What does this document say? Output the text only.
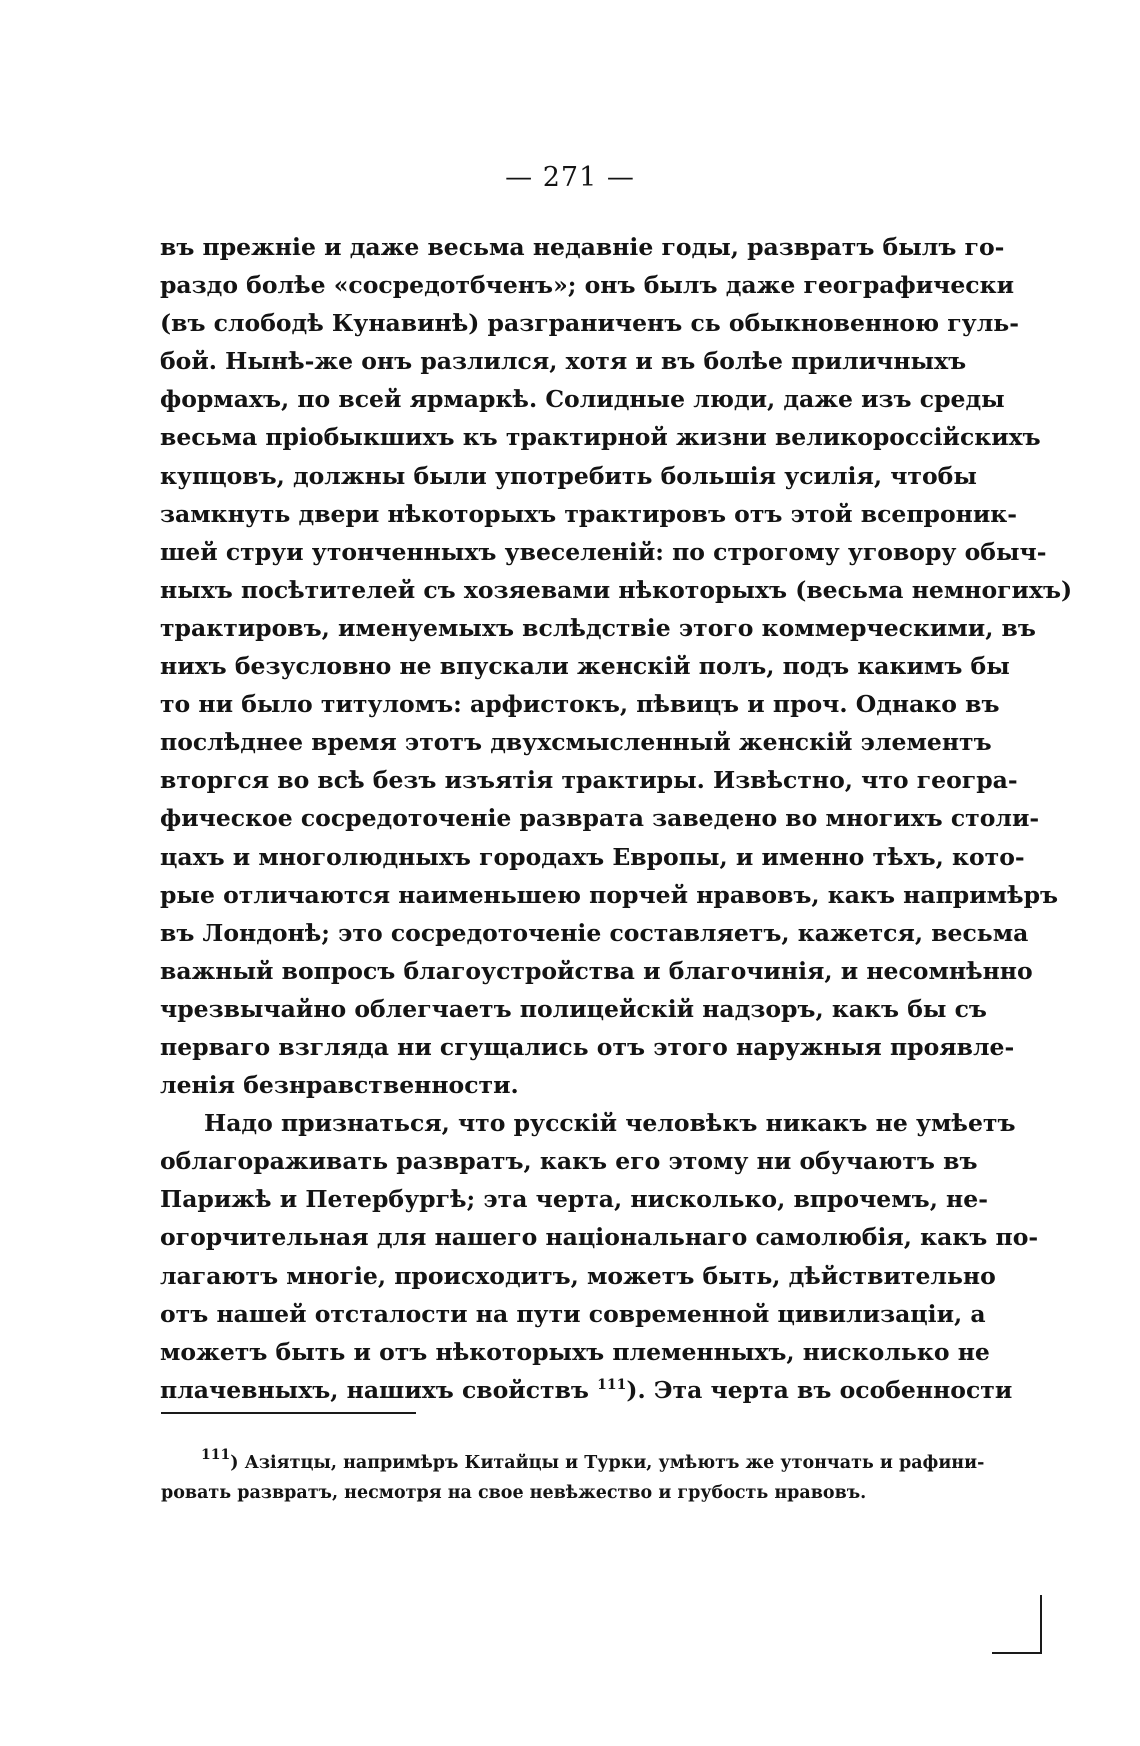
— 271 —
въ прежніе и даже весьма недавніе годы, развратъ былъ го-
раздо болѣе «сосредотбченъ»; онъ былъ даже географически
(въ слободѣ Кунавинѣ) разграниченъ сь обыкновенною гуль-
бой. Нынѣ-же онъ разлился, хотя и въ болѣе приличныхъ
формахъ, по всей ярмаркѣ. Солидные люди, даже изъ среды
весьма пріобыкшихъ къ трактирной жизни великороссійскихъ
купцовъ, должны были употребить большія усилія, чтобы
замкнуть двери нѣкоторыхъ трактировъ отъ этой всепроник-
шей струи утонченныхъ увеселеній: по строгому уговору обыч-
ныхъ посѣтителей съ хозяевами нѣкоторыхъ (весьма немногихъ)
трактировъ, именуемыхъ вслѣдствіе этого коммерческими, въ
нихъ безусловно не впускали женскій полъ, подъ какимъ бы
то ни было титуломъ: арфистокъ, пѣвицъ и проч. Однако въ
послѣднее время этотъ двухсмысленный женскій элементъ
вторгся во всѣ безъ изъятія трактиры. Извѣстно, что геогра-
фическое сосредоточеніе разврата заведено во многихъ столи-
цахъ и многолюдныхъ городахъ Европы, и именно тѣхъ, кото-
рые отличаются наименьшею порчей нравовъ, какъ напримѣръ
въ Лондонѣ; это сосредоточеніе составляетъ, кажется, весьма
важный вопросъ благоустройства и благочинія, и несомнѣнно
чрезвычайно облегчаетъ полицейскій надзоръ, какъ бы съ
перваго взгляда ни сгущались отъ этого наружныя проявле-
ленія безнравственности.
Надо признаться, что русскій человѣкъ никакъ не умѣетъ
облагораживать развратъ, какъ его этому ни обучаютъ въ
Парижѣ и Петербургѣ; эта черта, нисколько, впрочемъ, не-
огорчительная для нашего національнаго самолюбія, какъ по-
лагаютъ многіе, происходитъ, можетъ быть, дѣйствительно
отъ нашей отсталости на пути современной цивилизаціи, а
можетъ быть и отъ нѣкоторыхъ племенныхъ, нисколько не
плачевныхъ, нашихъ свойствъ $^{111}$). Эта черта въ особенности
$^{111}$) Азіятцы, напримѣръ Китайцы и Турки, умѣютъ же утончать и рафини-
ровать развратъ, несмотря на свое невѣжество и грубость нравовъ.
